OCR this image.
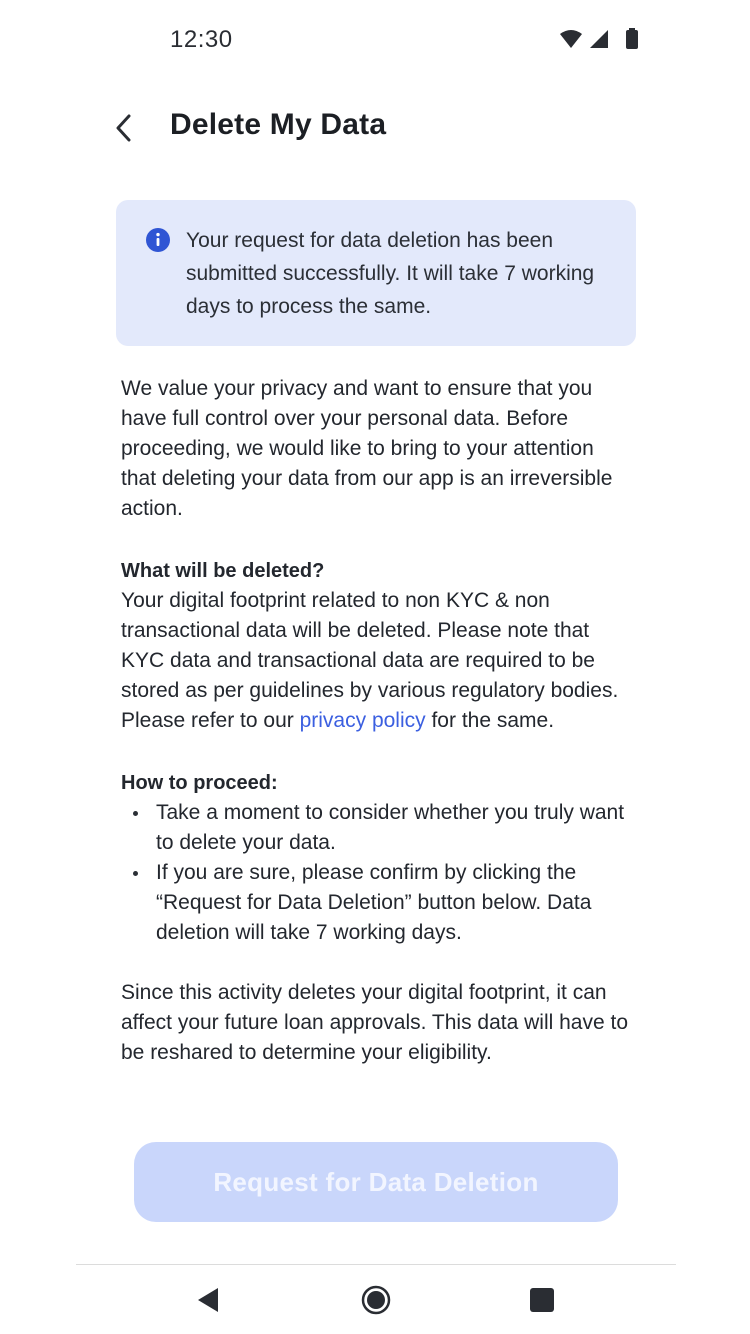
12:30
Delete My Data
Your request for data deletion has been submitted successfully. It will take 7 working days to process the same.

We value your privacy and want to ensure that you have full control over your personal data. Before proceeding, we would like to bring to your attention that deleting your data from our app is an irreversible action.

What will be deleted?

Your digital footprint related to non KYC & non transactional data will be deleted. Please note that KYC data and transactional data are required to be stored as per guidelines by various regulatory bodies. Please refer to our privacy policy for the same.

How to proceed:

Take a moment to consider whether you truly want to delete your data.
If you are sure, please confirm by clicking the “Request for Data Deletion” button below. Data deletion will take 7 working days.

Since this activity deletes your digital footprint, it can affect your future loan approvals. This data will have to be reshared to determine your eligibility.

Request for Data Deletion
